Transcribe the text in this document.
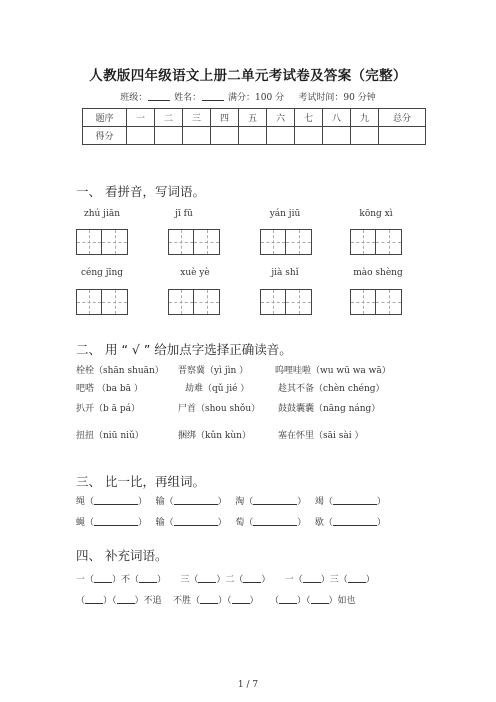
人教版四年级语文上册二单元考试卷及答案（完整）
班级：	姓名：	满分：100 分 考试时间：90 分钟
题序	一	二	三	四	五	六	七	八	九	总分
得分										
一、 看拼音，写词语。
zhú jiān	jī fū	yán jiū	kōng xì
céng jīng	xuè yè	jià shǐ	mào shèng
二、 用 “ √ ” 给加点字选择正确读音。
栓栓（shān shuān） 晋察冀（yì jìn ）	呜哩哇啦（wu wū wa wā）
吧嗒 （ba bā ）	劫难（qǔ jié ）	趁其不备（chèn chéng）
扒开（b ā pá）	尸首（shou shǒu） 鼓鼓囊囊（nāng náng）
扭扭（niū niǔ）	捆绑（kǔn kùn）	塞在怀里（sāi sài ）
三、 比一比，再组词。
绳（	） 输（	） 淘（	） 竭（	）
蝇（	） 输（	） 萄（	） 歇（	）
四、 补充词语。
一（ ）不（ ） 三（ ）二（ ） 一（ ）三（ ）
（ ）（ ）不追 不胜（ ）（ ） （ ）（ ）如也
1 / 7
